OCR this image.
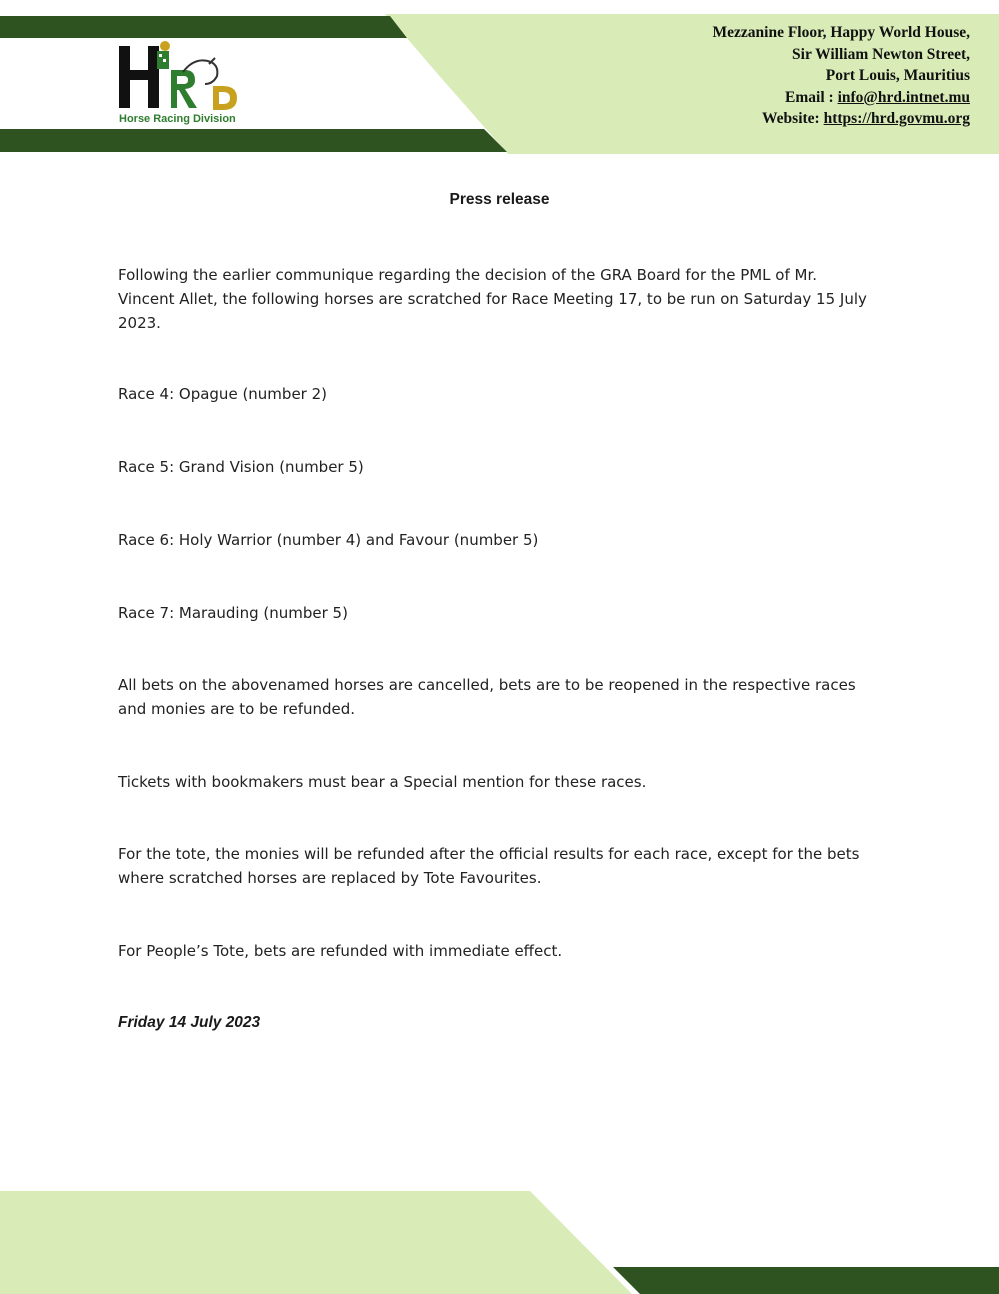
Horse Racing Division
Mezzanine Floor, Happy World House,
Sir William Newton Street,
Port Louis, Mauritius
Email : info@hrd.intnet.mu
Website: https://hrd.govmu.org
Press release

Following the earlier communique regarding the decision of the GRA Board for the PML of Mr. Vincent Allet, the following horses are scratched for Race Meeting 17, to be run on Saturday 15 July 2023.

Race 4: Opague (number 2)

Race 5: Grand Vision (number 5)

Race 6: Holy Warrior (number 4) and Favour (number 5)

Race 7: Marauding (number 5)

All bets on the abovenamed horses are cancelled, bets are to be reopened in the respective races and monies are to be refunded.

Tickets with bookmakers must bear a Special mention for these races.

For the tote, the monies will be refunded after the official results for each race, except for the bets where scratched horses are replaced by Tote Favourites.

For People’s Tote, bets are refunded with immediate effect.

Friday 14 July 2023
